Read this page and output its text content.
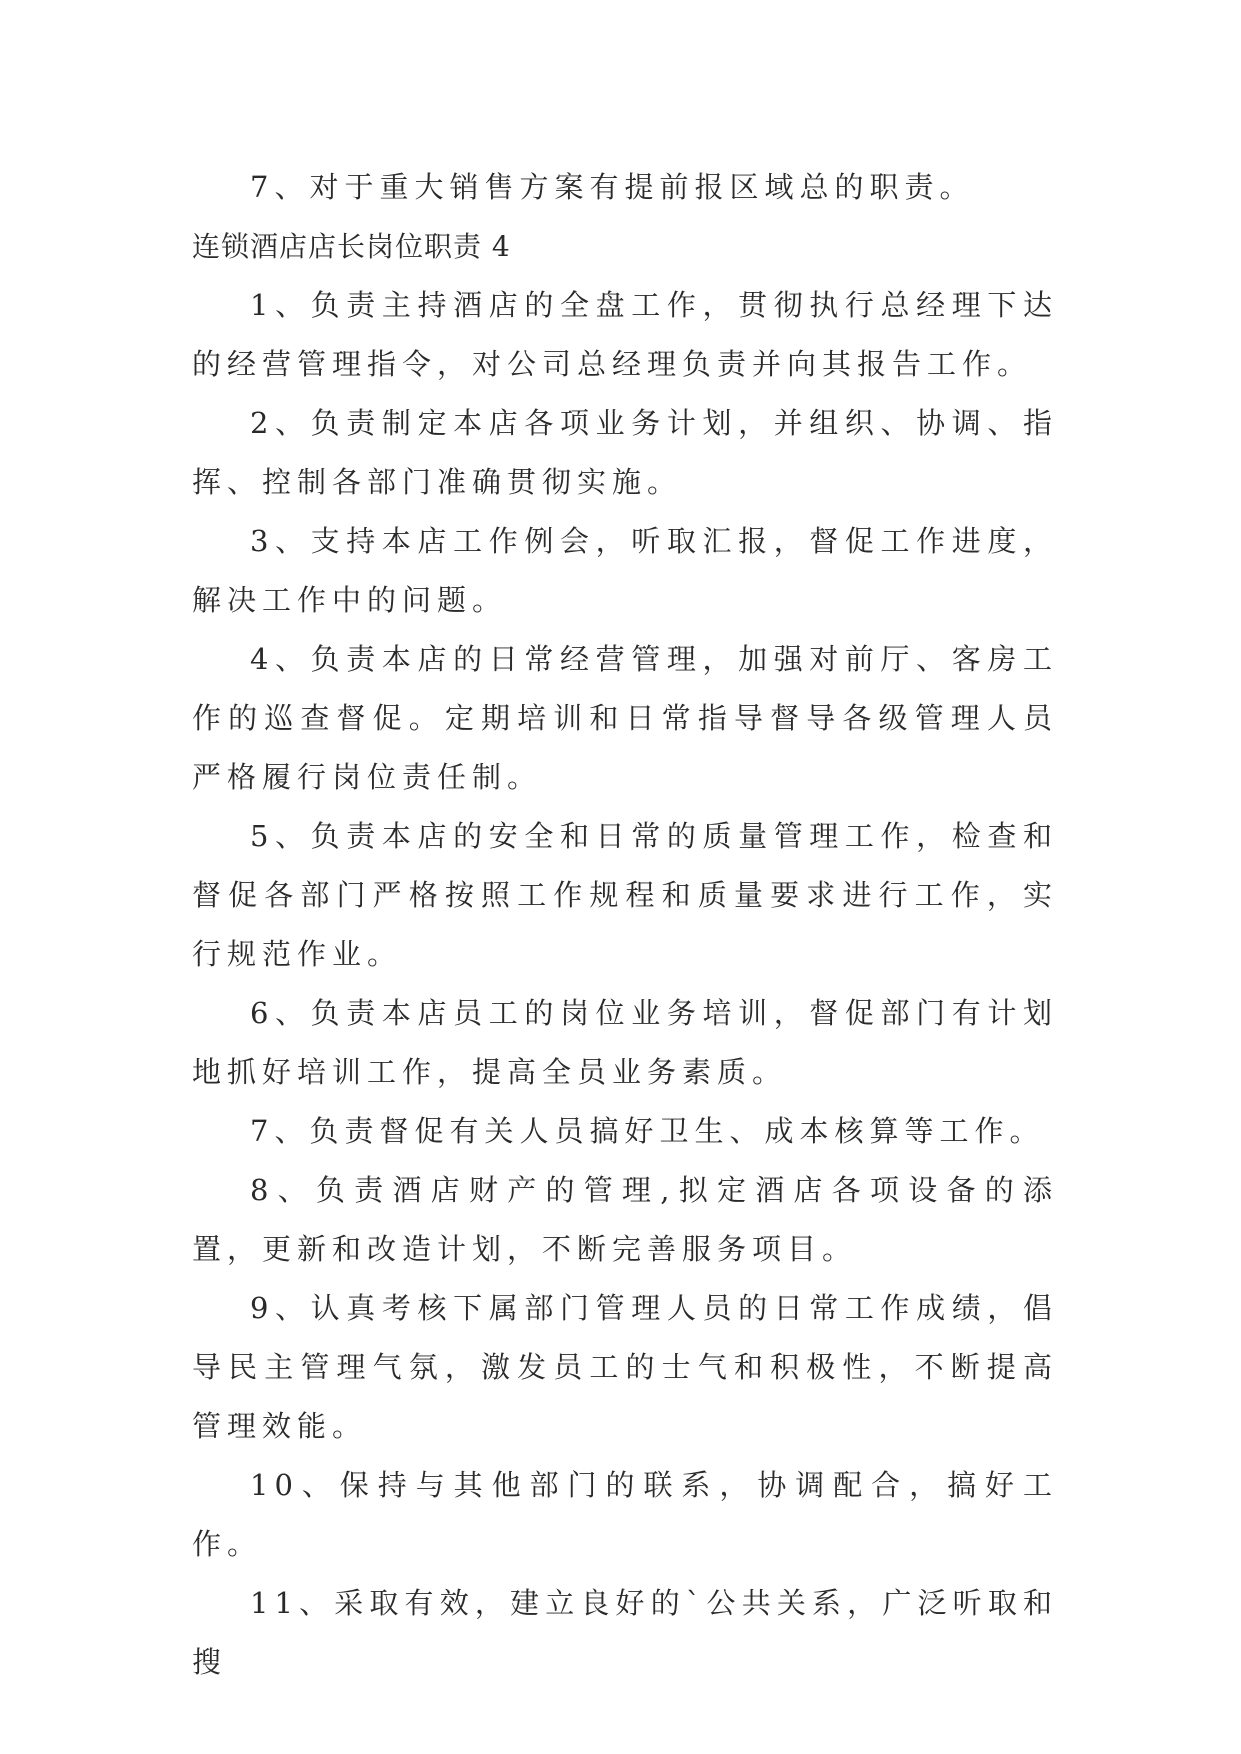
7、对于重大销售方案有提前报区域总的职责。

连锁酒店店长岗位职责 4

1、负责主持酒店的全盘工作，贯彻执行总经理下达的经营管理指令，对公司总经理负责并向其报告工作。

2、负责制定本店各项业务计划，并组织、协调、指挥、控制各部门准确贯彻实施。

3、支持本店工作例会，听取汇报，督促工作进度，解决工作中的问题。

4、负责本店的日常经营管理，加强对前厅、客房工作的巡查督促。定期培训和日常指导督导各级管理人员严格履行岗位责任制。

5、负责本店的安全和日常的质量管理工作，检查和督促各部门严格按照工作规程和质量要求进行工作，实行规范作业。

6、负责本店员工的岗位业务培训，督促部门有计划地抓好培训工作，提高全员业务素质。

7、负责督促有关人员搞好卫生、成本核算等工作。

8、负责酒店财产的管理,拟定酒店各项设备的添置，更新和改造计划，不断完善服务项目。

9、认真考核下属部门管理人员的日常工作成绩，倡导民主管理气氛，激发员工的士气和积极性，不断提高管理效能。

10、保持与其他部门的联系，协调配合，搞好工作。

11、采取有效，建立良好的`公共关系，广泛听取和搜
